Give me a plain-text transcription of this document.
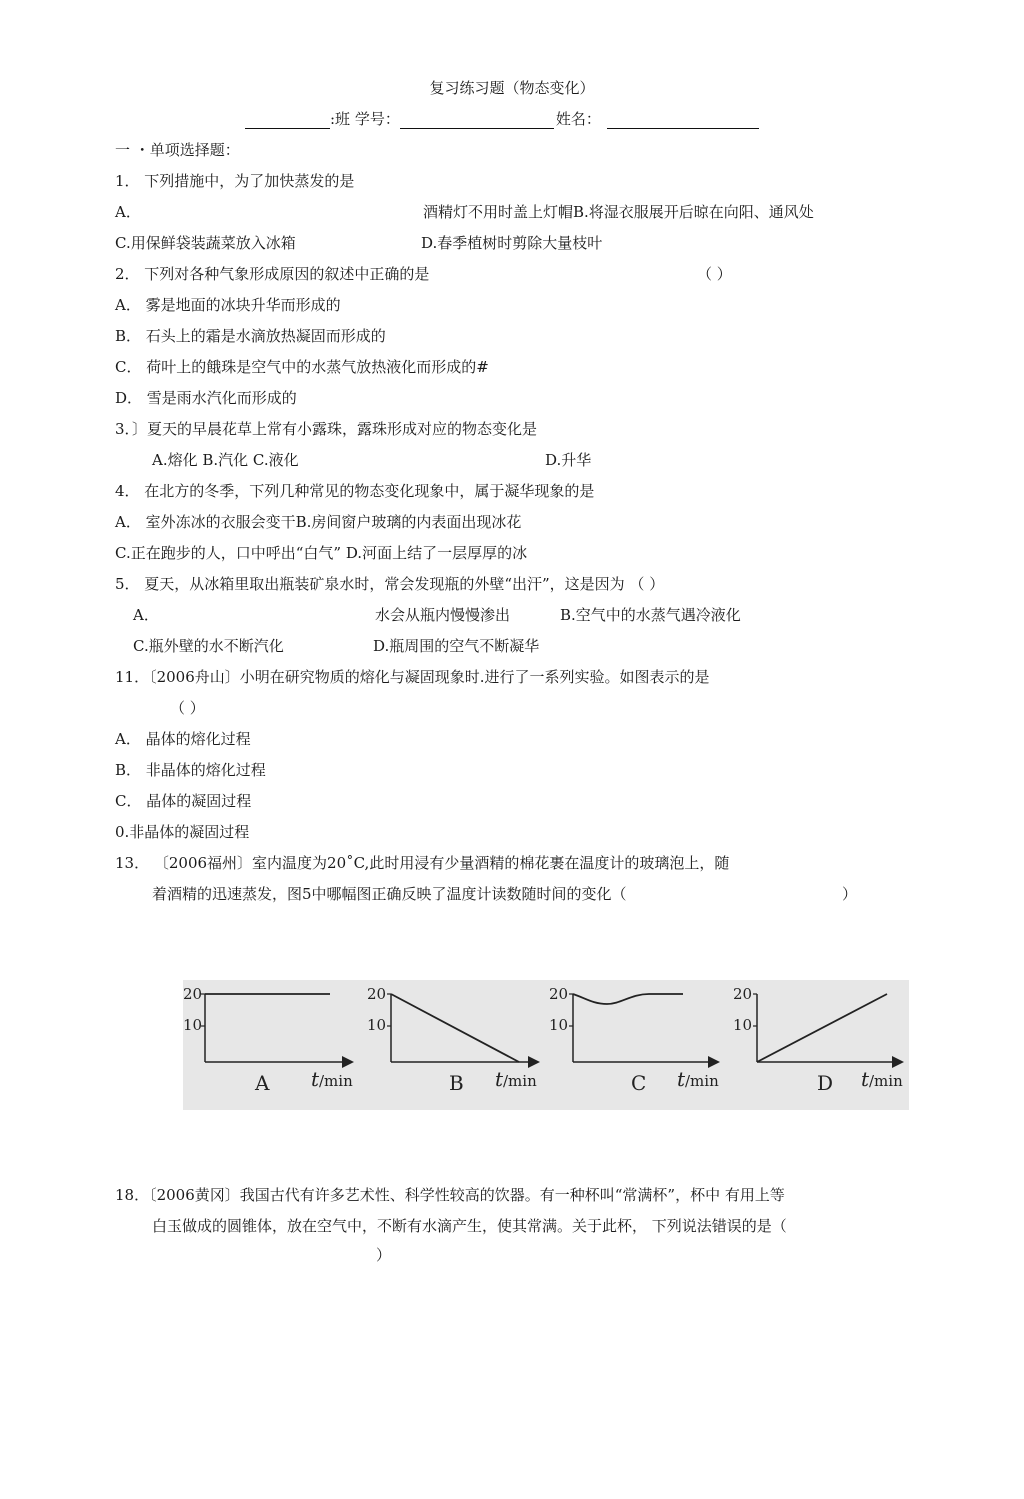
复习练习题（物态变化）
:班 学号：	姓名：
一 ・单项选择题：
1． 下列措施中，为了加快蒸发的是
A．	酒精灯不用时盖上灯帽B.将湿衣服展开后晾在向阳、通风处
C.用保鲜袋装蔬菜放入冰箱	D.春季植树时剪除大量枝叶
2． 下列对各种气象形成原因的叙述中正确的是	（ ）
A． 雾是地面的冰块升华而形成的
B． 石头上的霜是水滴放热凝固而形成的
C． 荷叶上的餓珠是空气中的水蒸气放热液化而形成的#
D． 雪是雨水汽化而形成的
3．〕夏天的早晨花草上常有小露珠，露珠形成对应的物态变化是
A.熔化 B.汽化 C.液化	D.升华
4． 在北方的冬季，下列几种常见的物态变化现象中，属于凝华现象的是
A． 室外冻冰的衣服会变干B.房间窗户玻璃的内表面出现冰花
C.正在跑步的人，口中呼出“白气” D.河面上结了一层厚厚的冰
5． 夏天，从冰箱里取出瓶装矿泉水时，常会发现瓶的外壁“出汗”，这是因为 （ ）
A．	水会从瓶内慢慢渗出	B.空气中的水蒸气遇冷液化
C.瓶外壁的水不断汽化	D.瓶周围的空气不断凝华
11．〔2006舟山〕小明在研究物质的熔化与凝固现象时.进行了一系列实验。如图表示的是
（ ）
A． 晶体的熔化过程
B． 非晶体的熔化过程
C． 晶体的凝固过程
0.非晶体的凝固过程
13． 〔2006福州〕室内温度为20˚C,此时用浸有少量酒精的棉花裹在温度计的玻璃泡上，随
着酒精的迅速蒸发，图5中哪幅图正确反映了温度计读数随时间的变化（	）
20
10
A t /min
20
10
B t /min
20
10
C t /min
20
10
D t /min
18．〔2006黄冈〕我国古代有许多艺术性、科学性较高的饮器。有一种杯叫“常满杯”，杯中 有用上等
白玉做成的圆锥体，放在空气中，不断有水滴产生，使其常满。关于此杯， 下列说法错误的是（
）
